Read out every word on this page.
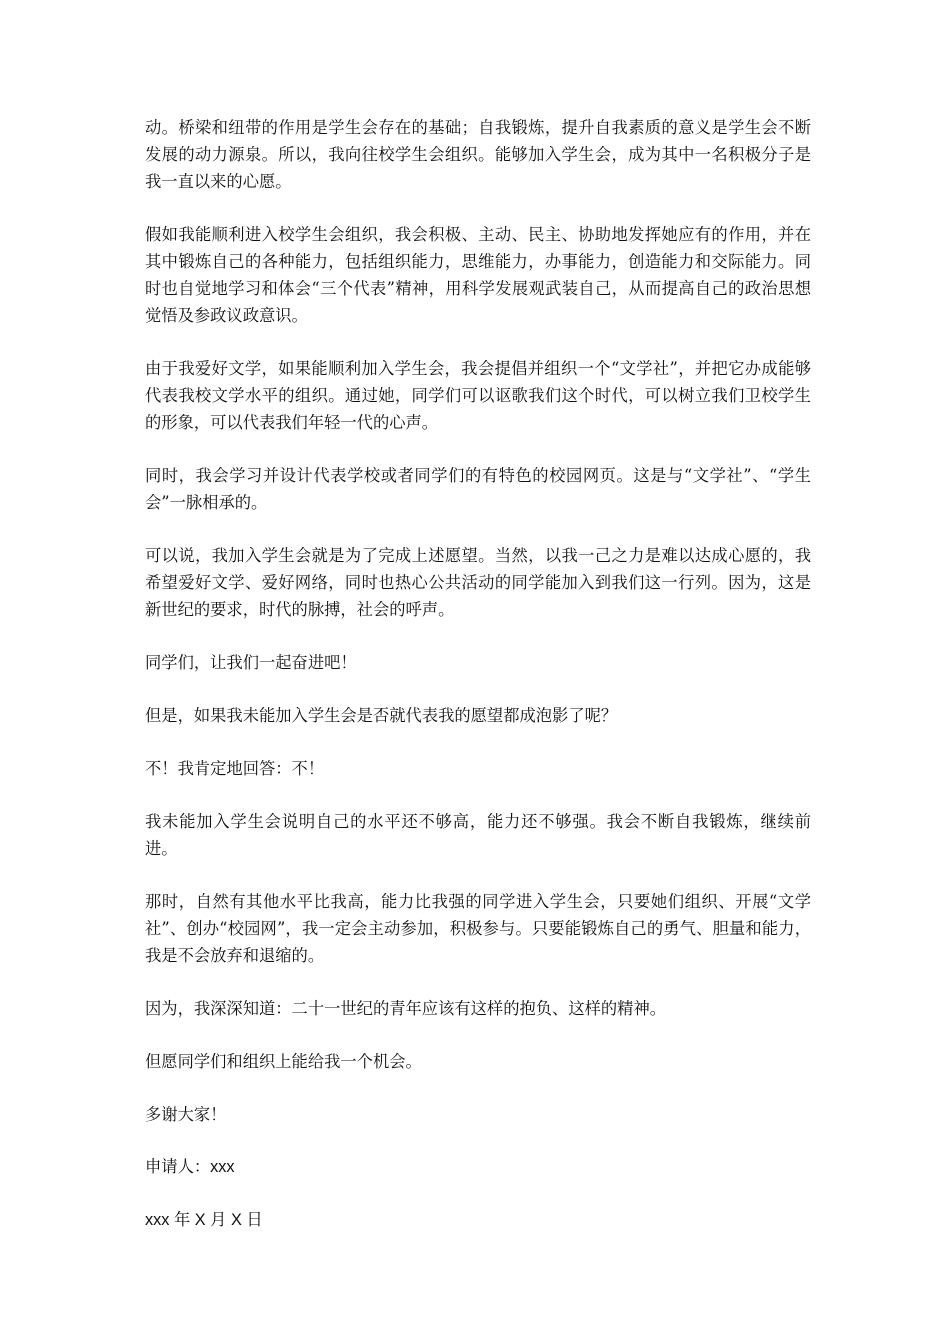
动。桥梁和纽带的作用是学生会存在的基础；自我锻炼，提升自我素质的意义是学生会不断发展的动力源泉。所以，我向往校学生会组织。能够加入学生会，成为其中一名积极分子是我一直以来的心愿。

假如我能顺利进入校学生会组织，我会积极、主动、民主、协助地发挥她应有的作用，并在其中锻炼自己的各种能力，包括组织能力，思维能力，办事能力，创造能力和交际能力。同时也自觉地学习和体会“三个代表”精神，用科学发展观武装自己，从而提高自己的政治思想觉悟及参政议政意识。

由于我爱好文学，如果能顺利加入学生会，我会提倡并组织一个“文学社”，并把它办成能够代表我校文学水平的组织。通过她，同学们可以讴歌我们这个时代，可以树立我们卫校学生的形象，可以代表我们年轻一代的心声。

同时，我会学习并设计代表学校或者同学们的有特色的校园网页。这是与“文学社”、“学生会”一脉相承的。

可以说，我加入学生会就是为了完成上述愿望。当然，以我一己之力是难以达成心愿的，我希望爱好文学、爱好网络，同时也热心公共活动的同学能加入到我们这一行列。因为，这是新世纪的要求，时代的脉搏，社会的呼声。

同学们，让我们一起奋进吧！

但是，如果我未能加入学生会是否就代表我的愿望都成泡影了呢？

不！我肯定地回答：不！

我未能加入学生会说明自己的水平还不够高，能力还不够强。我会不断自我锻炼，继续前进。

那时，自然有其他水平比我高，能力比我强的同学进入学生会，只要她们组织、开展“文学社”、创办“校园网”，我一定会主动参加，积极参与。只要能锻炼自己的勇气、胆量和能力，我是不会放弃和退缩的。

因为，我深深知道：二十一世纪的青年应该有这样的抱负、这样的精神。

但愿同学们和组织上能给我一个机会。

多谢大家！

申请人：xxx

xxx 年 X 月 X 日
